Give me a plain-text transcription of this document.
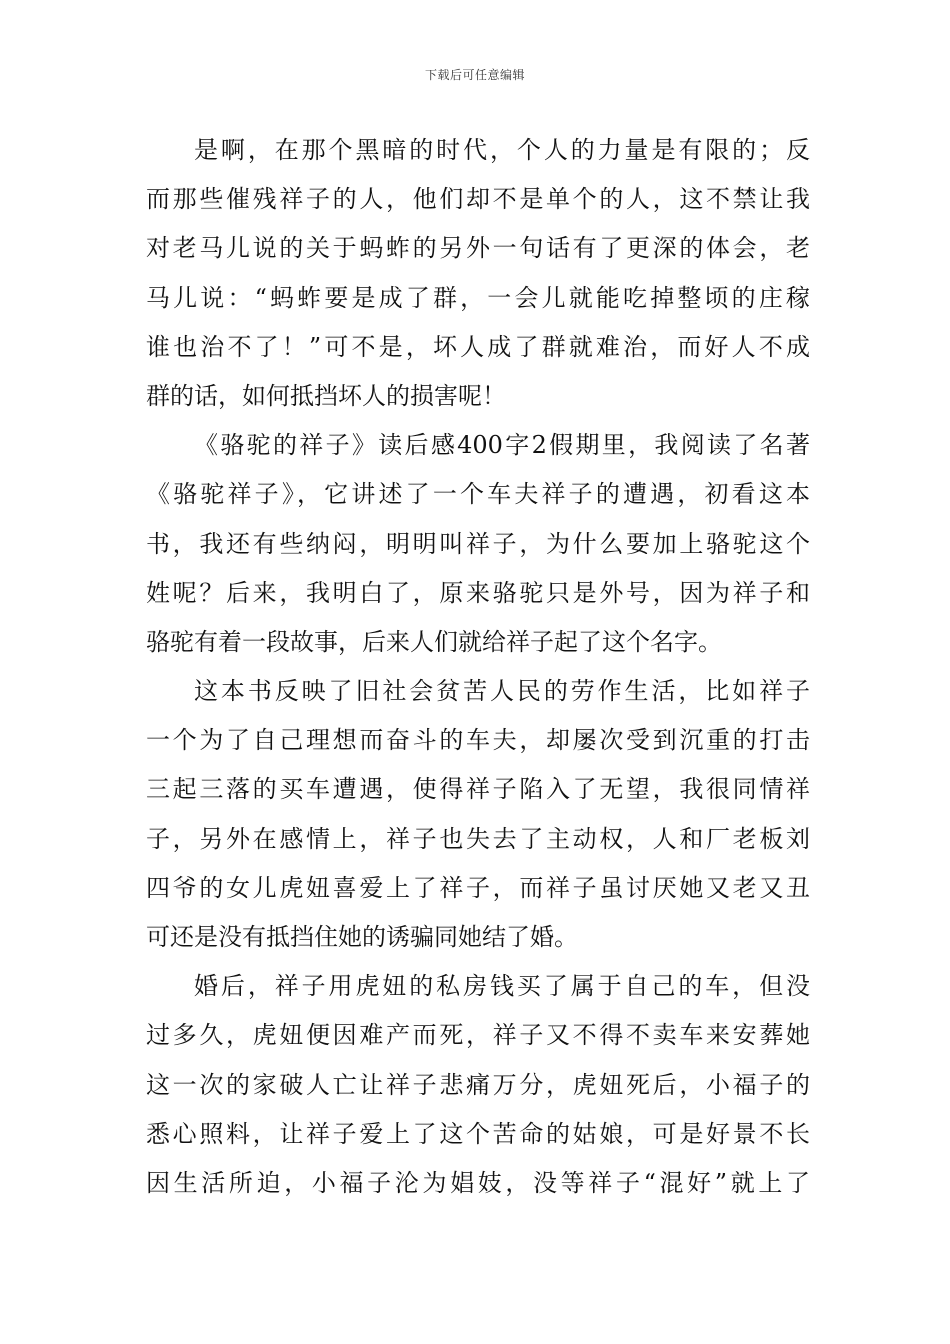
下载后可任意编辑
是啊，在那个黑暗的时代，个人的力量是有限的；反
而那些催残祥子的人，他们却不是单个的人，这不禁让我
对老马儿说的关于蚂蚱的另外一句话有了更深的体会，老
马儿说：“蚂蚱要是成了群，一会儿就能吃掉整顷的庄稼
谁也治不了！”可不是，坏人成了群就难治，而好人不成
群的话，如何抵挡坏人的损害呢！
《骆驼的祥子》读后感400字2假期里，我阅读了名著
《骆驼祥子》，它讲述了一个车夫祥子的遭遇，初看这本
书，我还有些纳闷，明明叫祥子，为什么要加上骆驼这个
姓呢？后来，我明白了，原来骆驼只是外号，因为祥子和
骆驼有着一段故事，后来人们就给祥子起了这个名字。
这本书反映了旧社会贫苦人民的劳作生活，比如祥子
一个为了自己理想而奋斗的车夫，却屡次受到沉重的打击
三起三落的买车遭遇，使得祥子陷入了无望，我很同情祥
子，另外在感情上，祥子也失去了主动权，人和厂老板刘
四爷的女儿虎妞喜爱上了祥子，而祥子虽讨厌她又老又丑
可还是没有抵挡住她的诱骗同她结了婚。
婚后，祥子用虎妞的私房钱买了属于自己的车，但没
过多久，虎妞便因难产而死，祥子又不得不卖车来安葬她
这一次的家破人亡让祥子悲痛万分，虎妞死后，小福子的
悉心照料，让祥子爱上了这个苦命的姑娘，可是好景不长
因生活所迫，小福子沦为娼妓，没等祥子“混好”就上了
